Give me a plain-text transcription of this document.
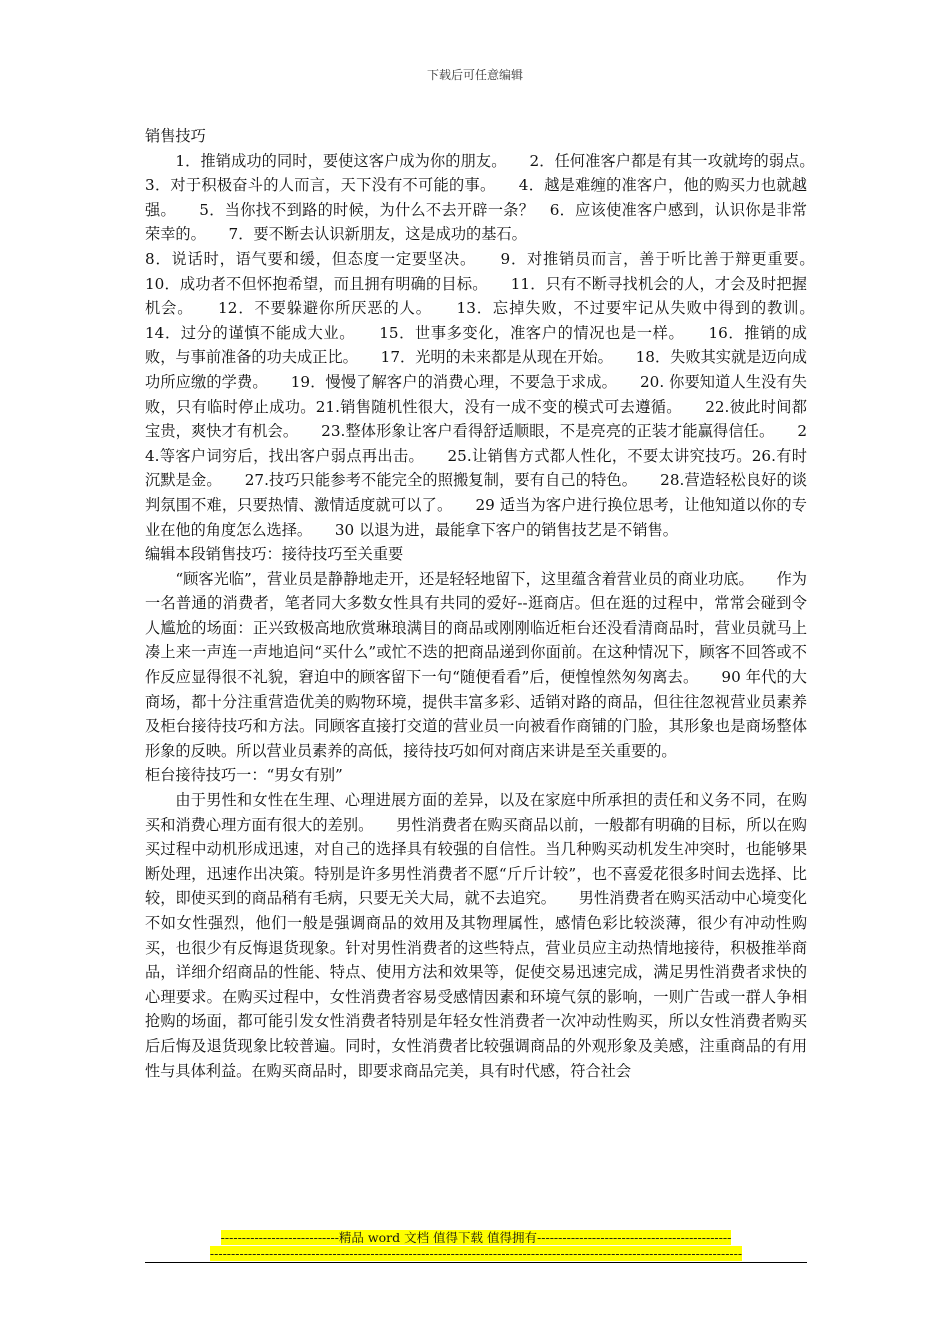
下载后可任意编辑

销售技巧

1．推销成功的同时，要使这客户成为你的朋友。　　2．任何准客户都是有其一攻就垮的弱点。　　3．对于积极奋斗的人而言，天下没有不可能的事。　　4．越是难缠的准客户，他的购买力也就越强。　　5．当你找不到路的时候，为什么不去开辟一条？　6．应该使准客户感到，认识你是非常荣幸的。　　7．要不断去认识新朋友，这是成功的基石。

8．说话时，语气要和缓，但态度一定要坚决。　　9．对推销员而言，善于听比善于辩更重要。　　10．成功者不但怀抱希望，而且拥有明确的目标。　　11．只有不断寻找机会的人，才会及时把握机会。　　12．不要躲避你所厌恶的人。　　13．忘掉失败，不过要牢记从失败中得到的教训。　　14．过分的谨慎不能成大业。　　15．世事多变化，准客户的情况也是一样。　　16．推销的成败，与事前准备的功夫成正比。　　17．光明的未来都是从现在开始。　　18．失败其实就是迈向成功所应缴的学费。　　19．慢慢了解客户的消费心理，不要急于求成。　　20. 你要知道人生没有失败，只有临时停止成功。21.销售随机性很大，没有一成不变的模式可去遵循。　　22.彼此时间都宝贵，爽快才有机会。　　23.整体形象让客户看得舒适顺眼，不是亮亮的正装才能赢得信任。　　24.等客户词穷后，找出客户弱点再出击。　　25.让销售方式都人性化，不要太讲究技巧。26.有时沉默是金。　　27.技巧只能参考不能完全的照搬复制，要有自己的特色。　　28.营造轻松良好的谈判氛围不难，只要热情、激情适度就可以了。　　29 适当为客户进行换位思考，让他知道以你的专业在他的角度怎么选择。　　30 以退为进，最能拿下客户的销售技艺是不销售。

编辑本段销售技巧：接待技巧至关重要

“顾客光临”，营业员是静静地走开，还是轻轻地留下，这里蕴含着营业员的商业功底。　　作为一名普通的消费者，笔者同大多数女性具有共同的爱好--逛商店。但在逛的过程中，常常会碰到令人尴尬的场面：正兴致极高地欣赏琳琅满目的商品或刚刚临近柜台还没看清商品时，营业员就马上凑上来一声连一声地追问“买什么”或忙不迭的把商品递到你面前。在这种情况下，顾客不回答或不作反应显得很不礼貌，窘迫中的顾客留下一句“随便看看”后，便惶惶然匆匆离去。　　90 年代的大商场，都十分注重营造优美的购物环境，提供丰富多彩、适销对路的商品，但往往忽视营业员素养及柜台接待技巧和方法。同顾客直接打交道的营业员一向被看作商铺的门脸，其形象也是商场整体形象的反映。所以营业员素养的高低，接待技巧如何对商店来讲是至关重要的。

柜台接待技巧一：“男女有别”

由于男性和女性在生理、心理进展方面的差异，以及在家庭中所承担的责任和义务不同，在购买和消费心理方面有很大的差别。　　男性消费者在购买商品以前，一般都有明确的目标，所以在购买过程中动机形成迅速，对自己的选择具有较强的自信性。当几种购买动机发生冲突时，也能够果断处理，迅速作出决策。特别是许多男性消费者不愿“斤斤计较”，也不喜爱花很多时间去选择、比较，即使买到的商品稍有毛病，只要无关大局，就不去追究。　　男性消费者在购买活动中心境变化不如女性强烈，他们一般是强调商品的效用及其物理属性，感情色彩比较淡薄，很少有冲动性购买，也很少有反悔退货现象。针对男性消费者的这些特点，营业员应主动热情地接待，积极推举商品，详细介绍商品的性能、特点、使用方法和效果等，促使交易迅速完成，满足男性消费者求快的心理要求。在购买过程中，女性消费者容易受感情因素和环境气氛的影响，一则广告或一群人争相抢购的场面，都可能引发女性消费者特别是年轻女性消费者一次冲动性购买，所以女性消费者购买后后悔及退货现象比较普遍。同时，女性消费者比较强调商品的外观形象及美感，注重商品的有用性与具体利益。在购买商品时，即要求商品完美，具有时代感，符合社会

----------------------------精品 word 文档 值得下载 值得拥有----------------------------------------------
------------------------------------------------------------------------------------------------------------------------------
